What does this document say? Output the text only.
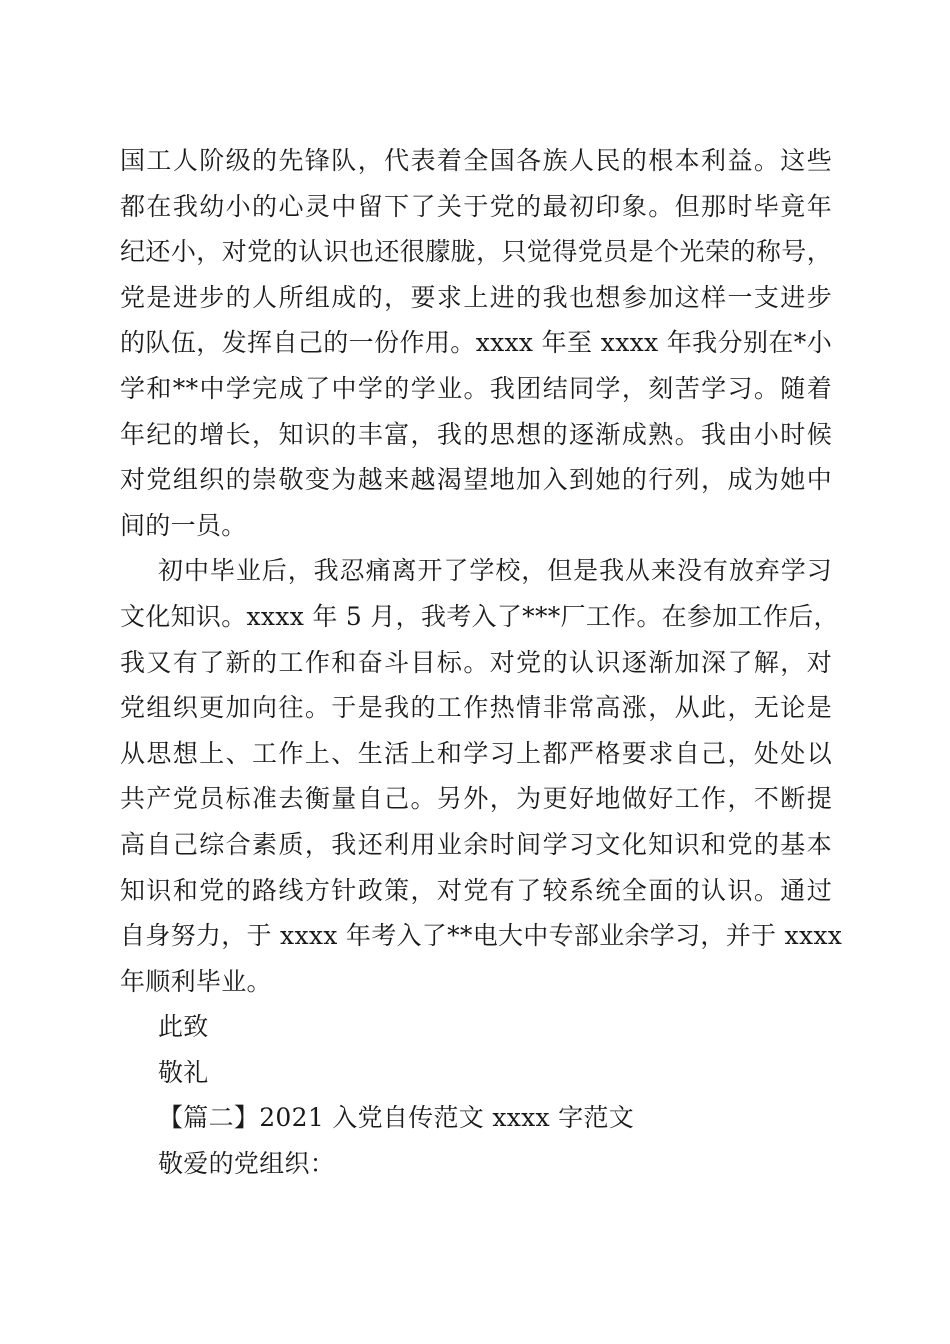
国工人阶级的先锋队，代表着全国各族人民的根本利益。这些
都在我幼小的心灵中留下了关于党的最初印象。但那时毕竟年
纪还小，对党的认识也还很朦胧，只觉得党员是个光荣的称号，
党是进步的人所组成的，要求上进的我也想参加这样一支进步
的队伍，发挥自己的一份作用。xxxx 年至 xxxx 年我分别在*小
学和**中学完成了中学的学业。我团结同学，刻苦学习。随着
年纪的增长，知识的丰富，我的思想的逐渐成熟。我由小时候
对党组织的崇敬变为越来越渴望地加入到她的行列，成为她中
间的一员。
初中毕业后，我忍痛离开了学校，但是我从来没有放弃学习
文化知识。xxxx 年 5 月，我考入了***厂工作。在参加工作后，
我又有了新的工作和奋斗目标。对党的认识逐渐加深了解，对
党组织更加向往。于是我的工作热情非常高涨，从此，无论是
从思想上、工作上、生活上和学习上都严格要求自己，处处以
共产党员标准去衡量自己。另外，为更好地做好工作，不断提
高自己综合素质，我还利用业余时间学习文化知识和党的基本
知识和党的路线方针政策，对党有了较系统全面的认识。通过
自身努力，于 xxxx 年考入了**电大中专部业余学习，并于 xxxx
年顺利毕业。
此致
敬礼
【篇二】2021 入党自传范文 xxxx 字范文
敬爱的党组织：
